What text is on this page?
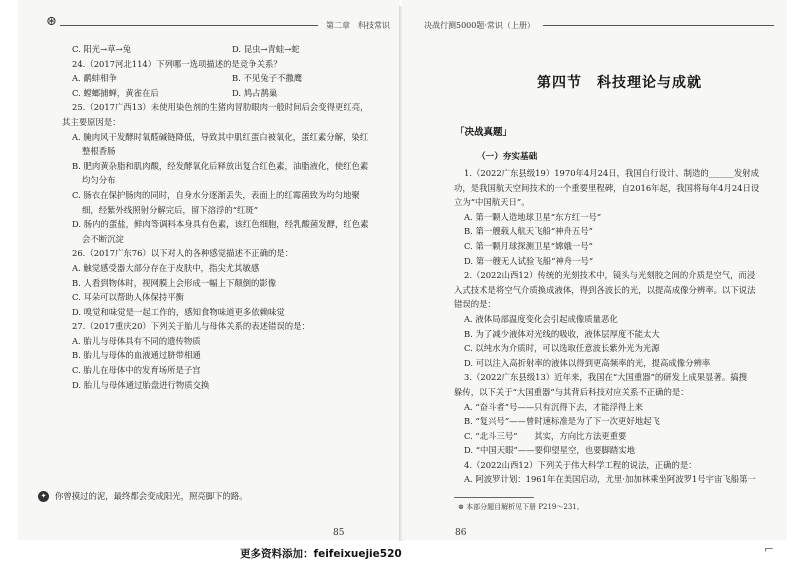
⊛	第二章　科技常识	决战行测5000题·常识（上册）
C. 阳光→草→兔	D. 昆虫→青蛙→蛇
24.（2017河北114）下列哪一选项描述的是竞争关系？
A. 鹬蚌相争	B. 不见兔子不撒鹰
C. 螳螂捕蝉，黄雀在后	D. 鸠占鹊巢
25.（2017广西13）未使用染色剂的生猪肉冒肋眼肉一般时间后会变得更红亮，
其主要原因是：
A. 腌肉风干发酵时氧醛碱链降低，导致其中肌红蛋白被氧化，蛋红素分解，染红
整根香肠
B. 肥肉黄杂脂和肌肉酸，经发酵氧化后释放出复合红色素，油脂液化，使红色素
均匀分布
C. 肠衣在保护肠肉的同时，自身水分逐渐丢失，表面上的红霉菌致为均匀地聚
细，经紫外线照射分解完后，留下溶浮的“红斑”
D. 肠内的蛋盐，鲜肉等调料本身具有色素，该红色细胞，经乳酸菌发酵，红色素
会不断沉淀
26.（2017广东76）以下对人的各种感觉描述不正确的是：
A. 触觉感受器大部分存在于皮肤中，指尖尤其敏感
B. 人看到物体时，视网膜上会形成一幅上下颠倒的影像
C. 耳朵可以帮助人体保持平衡
D. 嗅觉和味觉是一起工作的，感知食物味道更多依赖味觉
27.（2017重庆20）下列关于胎儿与母体关系的表述错误的是：
A. 胎儿与母体具有不同的遗传物质
B. 胎儿与母体的血液通过脐带相通
C. 胎儿在母体中的发育场所是子宫
D. 胎儿与母体通过胎盘进行物质交换
第四节　科技理论与成就
「决战真题」
（一）夯实基础
1.（2022广东县级19）1970年4月24日，我国自行设计、制造的______发射成
功，是我国航天空间技术的一个重要里程碑，自2016年起，我国将每年4月24日设
立为“中国航天日”。
A. 第一颗人造地球卫星“东方红一号”
B. 第一艘载人航天飞船“神舟五号”
C. 第一颗月球探测卫星“嫦娥一号”
D. 第一艘无人试验飞船“神舟一号”
2.（2022山西12）传统的光刻技术中，镜头与光刻胶之间的介质是空气，而浸
入式技术是将空气介质换成液体，得到各波长的光，以提高成像分辨率。以下说法
错误的是：
A. 液体局部温度变化会引起成像质量恶化
B. 为了减少液体对光线的吸收，液体层厚度不能太大
C. 以纯水为介质时，可以选取任意波长紫外光为光源
D. 可以注入高折射率的液体以得到更高频率的光，提高成像分辨率
3.（2022广东县级13）近年来，我国在“大国重器”的研发上成果显著。搞搜
躲传，以下关于“大国重器”与其背后科技对应关系不正确的是：
A. “奋斗者”号——只有沉得下去，才能浮得上来
B. “复兴号”——曾时速标准是为了下一次更好地起飞
C. “北斗三号”　　其实，方向比方法更重要
D. “中国天眼”——要仰望星空，也要脚踏实地
4.（2022山西12）下列关于伟大科学工程的说法，正确的是：
A. 阿波罗计划：1961年在美国启动，尤里·加加林乘坐阿波罗1号宇宙飞船第一
⊗ 本部分题目解析见下册 P219～231。
✦	你曾摸过的泥，最终都会变成阳光，照亮脚下的路。
85	86
更多资料添加：feifeixuejie520	⌐
